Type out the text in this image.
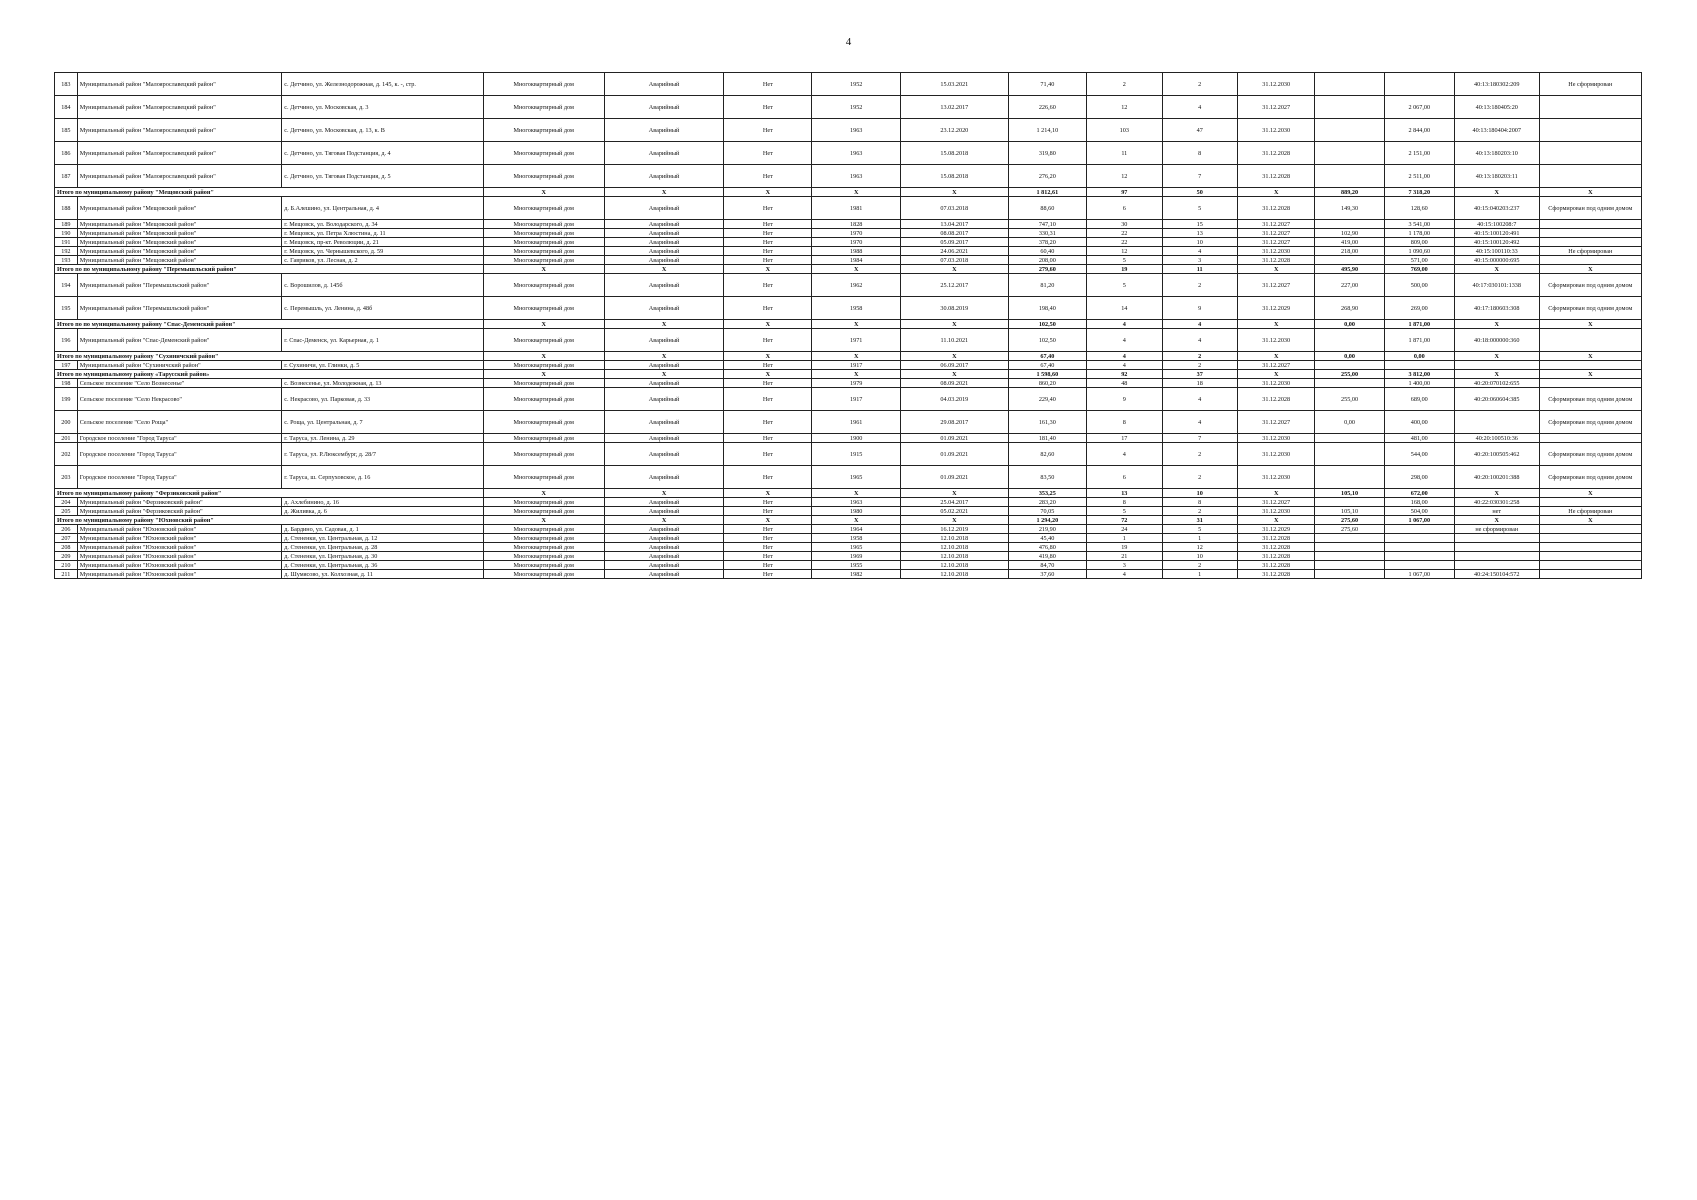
4
183	Муниципальный район "Малоярославецкий район"	с. Детчино, ул. Железнодорожная, д. 145, к. -, стр.	Многоквартирный дом	Аварийный	Нет	1952	15.03.2021	71,40	2	2	31.12.2030			40:13:180302:209	Не сформирован
184	Муниципальный район "Малоярославецкий район"	с. Детчино, ул. Московская, д. 3	Многоквартирный дом	Аварийный	Нет	1952	13.02.2017	226,60	12	4	31.12.2027		2 067,00	40:13:180405:20	
185	Муниципальный район "Малоярославецкий район"	с. Детчино, ул. Московская, д. 13, к. В	Многоквартирный дом	Аварийный	Нет	1963	23.12.2020	1 214,10	103	47	31.12.2030		2 844,00	40:13:180404:2007	
186	Муниципальный район "Малоярославецкий район"	с. Детчино, ул. Тяговая Подстанция, д. 4	Многоквартирный дом	Аварийный	Нет	1963	15.08.2018	319,80	11	8	31.12.2028		2 151,00	40:13:180203:10	
187	Муниципальный район "Малоярославецкий район"	с. Детчино, ул. Тяговая Подстанция, д. 5	Многоквартирный дом	Аварийный	Нет	1963	15.08.2018	276,20	12	7	31.12.2028		2 511,00	40:13:180203:11	
Итого по муниципальному району "Мещовский район"			X	X	X	X	X	1 812,61	97	50	X	889,20	7 318,20	X	X
188	Муниципальный район "Мещовский район"	д. Б.Алешино, ул. Центральная, д. 4	Многоквартирный дом	Аварийный	Нет	1981	07.03.2018	88,60	6	5	31.12.2028	149,30	128,60	40:15:040203:237	Сформирован под одним домом
189	Муниципальный район "Мещовский район"	г. Мещовск, ул. Володарского, д. 34	Многоквартирный дом	Аварийный	Нет	1828	13.04.2017	747,10	30	15	31.12.2027		3 541,00	40:15:100208:7	
190	Муниципальный район "Мещовский район"	г. Мещовск, ул. Петра Хлюстина, д. 11	Многоквартирный дом	Аварийный	Нет	1970	08.08.2017	330,31	22	13	31.12.2027	102,90	1 178,00	40:15:100120:491	
191	Муниципальный район "Мещовский район"	г. Мещовск, пр-кт. Революции, д. 21	Многоквартирный дом	Аварийный	Нет	1970	05.09.2017	378,20	22	10	31.12.2027	419,00	809,00	40:15:100120:492	
192	Муниципальный район "Мещовский район"	г. Мещовск, ул. Чернышевского, д. 59	Многоквартирный дом	Аварийный	Нет	1988	24.06.2021	60,40	12	4	31.12.2030	218,00	1 090,60	40:15:100110:33	Не сформирован
193	Муниципальный район "Мещовский район"	с. Гавриков, ул. Лесная, д. 2	Многоквартирный дом	Аварийный	Нет	1984	07.03.2018	208,00	5	3	31.12.2028		571,00	40:15:000000:695	
Итого по по муниципальному району "Перемышльский район"			X	X	X	X	X	279,60	19	11	X	495,90	769,00	X	X
194	Муниципальный район "Перемышльский район"	с. Ворошилов, д. 145б	Многоквартирный дом	Аварийный	Нет	1962	25.12.2017	81,20	5	2	31.12.2027	227,00	500,00	40:17:030101:1338	Сформирован под одним домом
195	Муниципальный район "Перемышльский район"	с. Перемышль, ул. Ленина, д. 48б	Многоквартирный дом	Аварийный	Нет	1958	30.08.2019	198,40	14	9	31.12.2029	268,90	269,00	40:17:180603:308	Сформирован под одним домом
Итого по по муниципальному району "Спас-Деменский район"			X	X	X	X	X	102,50	4	4	X	0,00	1 871,00	X	X
196	Муниципальный район "Спас-Деменский район"	г. Спас-Деменск, ул. Карьерная, д. 1	Многоквартирный дом	Аварийный	Нет	1971	11.10.2021	102,50	4	4	31.12.2030		1 871,00	40:18:000000:360	
Итого по муниципальному району "Сухиничский район"			X	X	X	X	X	67,40	4	2	X	0,00	0,00	X	X
197	Муниципальный район "Сухиничский район"	г. Сухиничи, ул. Глинки, д. 5	Многоквартирный дом	Аварийный	Нет	1917	06.09.2017	67,40	4	2	31.12.2027				
Итого по муниципальному району «Тарусский район»			X	X	X	X	X	1 598,60	92	37	X	255,00	3 812,00	X	X
198	Сельское поселение "Село Вознесенье"	с. Вознесенье, ул. Молодежная, д. 13	Многоквартирный дом	Аварийный	Нет	1979	08.09.2021	860,20	48	18	31.12.2030		1 400,00	40:20:070102:655	
199	Сельское поселение "Село Некрасово"	с. Некрасово, ул. Парковая, д. 33	Многоквартирный дом	Аварийный	Нет	1917	04.03.2019	229,40	9	4	31.12.2028	255,00	689,00	40:20:060604:385	Сформирован под одним домом
200	Сельское поселение "Село Роща"	с. Роща, ул. Центральная, д. 7	Многоквартирный дом	Аварийный	Нет	1961	29.08.2017	161,30	8	4	31.12.2027	0,00	400,00		Сформирован под одним домом
201	Городское поселение "Город Таруса"	г. Таруса, ул. Ленина, д. 29	Многоквартирный дом	Аварийный	Нет	1900	01.09.2021	181,40	17	7	31.12.2030		481,00	40:20:100510:36	
202	Городское поселение "Город Таруса"	г. Таруса, ул. Р.Люксембург, д. 28/7	Многоквартирный дом	Аварийный	Нет	1915	01.09.2021	82,60	4	2	31.12.2030		544,00	40:20:100505:462	Сформирован под одним домом
203	Городское поселение "Город Таруса"	г. Таруса, ш. Серпуховское, д. 16	Многоквартирный дом	Аварийный	Нет	1965	01.09.2021	83,50	6	2	31.12.2030		298,00	40:20:100201:388	Сформирован под одним домом
Итого по муниципальному району "Ферзиковский район"			X	X	X	X	X	353,25	13	10	X	105,10	672,00	X	X
204	Муниципальный район "Ферзиковский район"	д. Ахлебинино, д. 16	Многоквартирный дом	Аварийный	Нет	1963	25.04.2017	283,20	8	8	31.12.2027		168,00	40:22:030301:258	
205	Муниципальный район "Ферзиковский район"	д. Жиливка, д. 6	Многоквартирный дом	Аварийный	Нет	1980	05.02.2021	70,05	5	2	31.12.2030	105,10	504,00	нет	Не сформирован
Итого по муниципальному району "Юхновский район"			X	X	X	X	X	1 294,20	72	31	X	275,60	1 067,00	X	X
206	Муниципальный район "Юхновский район"	д. Бардино, ул. Садовая, д. 1	Многоквартирный дом	Аварийный	Нет	1964	16.12.2019	219,90	24	5	31.12.2029	275,60		не сформирован	
207	Муниципальный район "Юхновский район"	д. Стененки, ул. Центральная, д. 12	Многоквартирный дом	Аварийный	Нет	1958	12.10.2018	45,40	1	1	31.12.2028				
208	Муниципальный район "Юхновский район"	д. Стененки, ул. Центральная, д. 28	Многоквартирный дом	Аварийный	Нет	1965	12.10.2018	476,80	19	12	31.12.2028				
209	Муниципальный район "Юхновский район"	д. Стененки, ул. Центральная, д. 30	Многоквартирный дом	Аварийный	Нет	1969	12.10.2018	419,80	21	10	31.12.2028				
210	Муниципальный район "Юхновский район"	д. Стененки, ул. Центральная, д. 36	Многоквартирный дом	Аварийный	Нет	1955	12.10.2018	84,70	3	2	31.12.2028				
211	Муниципальный район "Юхновский район"	д. Шумясово, ул. Колхозная, д. 11	Многоквартирный дом	Аварийный	Нет	1982	12.10.2018	37,60	4	1	31.12.2028		1 067,00	40:24:150104:572	
